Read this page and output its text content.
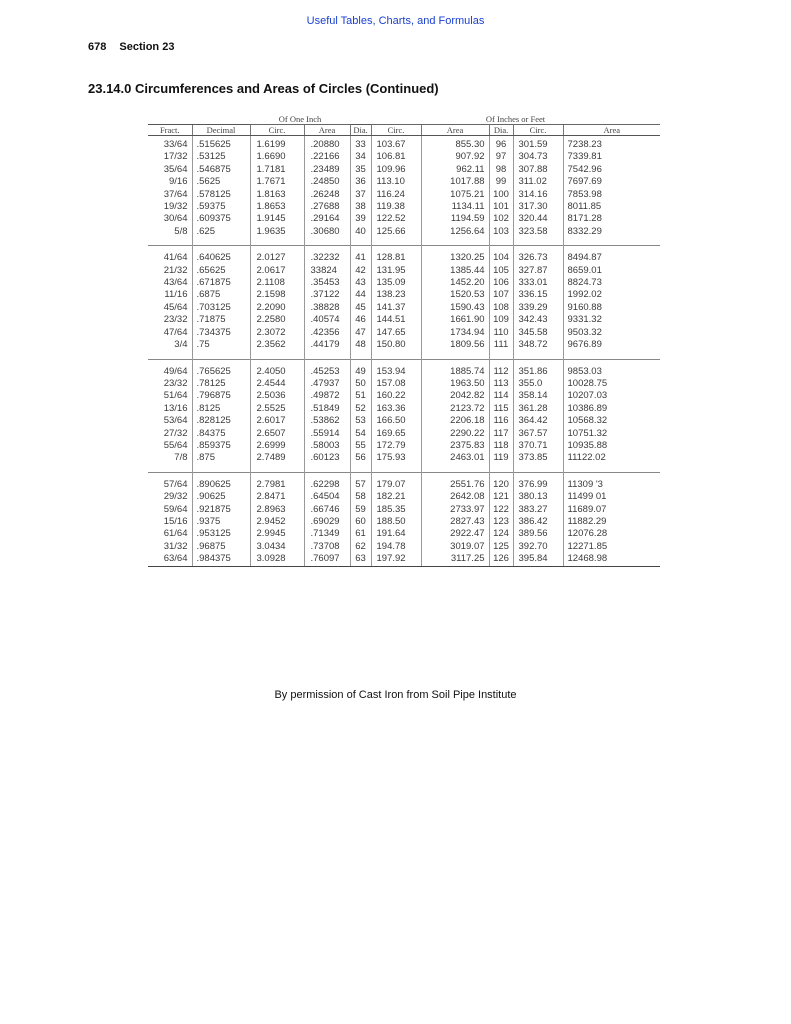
Useful Tables, Charts, and Formulas
678 Section 23
23.14.0 Circumferences and Areas of Circles (Continued)
		Of One Inch			Of Inches or Feet				
Fract.	Decimal	Circ.	Area	Dia.	Circ.	Area	Dia.	Circ.	Area
33/64	.515625	1.6199	.20880	33	103.67	855.30	96	301.59	7238.23
17/32	.53125	1.6690	.22166	34	106.81	907.92	97	304.73	7339.81
35/64	.546875	1.7181	.23489	35	109.96	962.11	98	307.88	7542.96
9/16	.5625	1.7671	.24850	36	113.10	1017.88	99	311.02	7697.69
37/64	.578125	1.8163	.26248	37	116.24	1075.21	100	314.16	7853.98
19/32	.59375	1.8653	.27688	38	119.38	1134.11	101	317.30	8011.85
30/64	.609375	1.9145	.29164	39	122.52	1194.59	102	320.44	8171.28
5/8	.625	1.9635	.30680	40	125.66	1256.64	103	323.58	8332.29

41/64	.640625	2.0127	.32232	41	128.81	1320.25	104	326.73	8494.87
21/32	.65625	2.0617	33824	42	131.95	1385.44	105	327.87	8659.01
43/64	.671875	2.1108	.35453	43	135.09	1452.20	106	333.01	8824.73
11/16	.6875	2.1598	.37122	44	138.23	1520.53	107	336.15	1992.02
45/64	.703125	2.2090	.38828	45	141.37	1590.43	108	339.29	9160.88
23/32	.71875	2.2580	.40574	46	144.51	1661.90	109	342.43	9331.32
47/64	.734375	2.3072	.42356	47	147.65	1734.94	110	345.58	9503.32
3/4	.75	2.3562	.44179	48	150.80	1809.56	111	348.72	9676.89

49/64	.765625	2.4050	.45253	49	153.94	1885.74	112	351.86	9853.03
23/32	.78125	2.4544	.47937	50	157.08	1963.50	113	355.0	10028.75
51/64	.796875	2.5036	.49872	51	160.22	2042.82	114	358.14	10207.03
13/16	.8125	2.5525	.51849	52	163.36	2123.72	115	361.28	10386.89
53/64	.828125	2.6017	.53862	53	166.50	2206.18	116	364.42	10568.32
27/32	.84375	2.6507	.55914	54	169.65	2290.22	117	367.57	10751.32
55/64	.859375	2.6999	.58003	55	172.79	2375.83	118	370.71	10935.88
7/8	.875	2.7489	.60123	56	175.93	2463.01	119	373.85	11122.02

57/64	.890625	2.7981	.62298	57	179.07	2551.76	120	376.99	11309 '3
29/32	.90625	2.8471	.64504	58	182.21	2642.08	121	380.13	11499 01
59/64	.921875	2.8963	.66746	59	185.35	2733.97	122	383.27	11689.07
15/16	.9375	2.9452	.69029	60	188.50	2827.43	123	386.42	11882.29
61/64	.953125	2.9945	.71349	61	191.64	2922.47	124	389.56	12076.28
31/32	.96875	3.0434	.73708	62	194.78	3019.07	125	392.70	12271.85
63/64	.984375	3.0928	.76097	63	197.92	3117.25	126	395.84	12468.98
By permission of Cast Iron from Soil Pipe Institute
